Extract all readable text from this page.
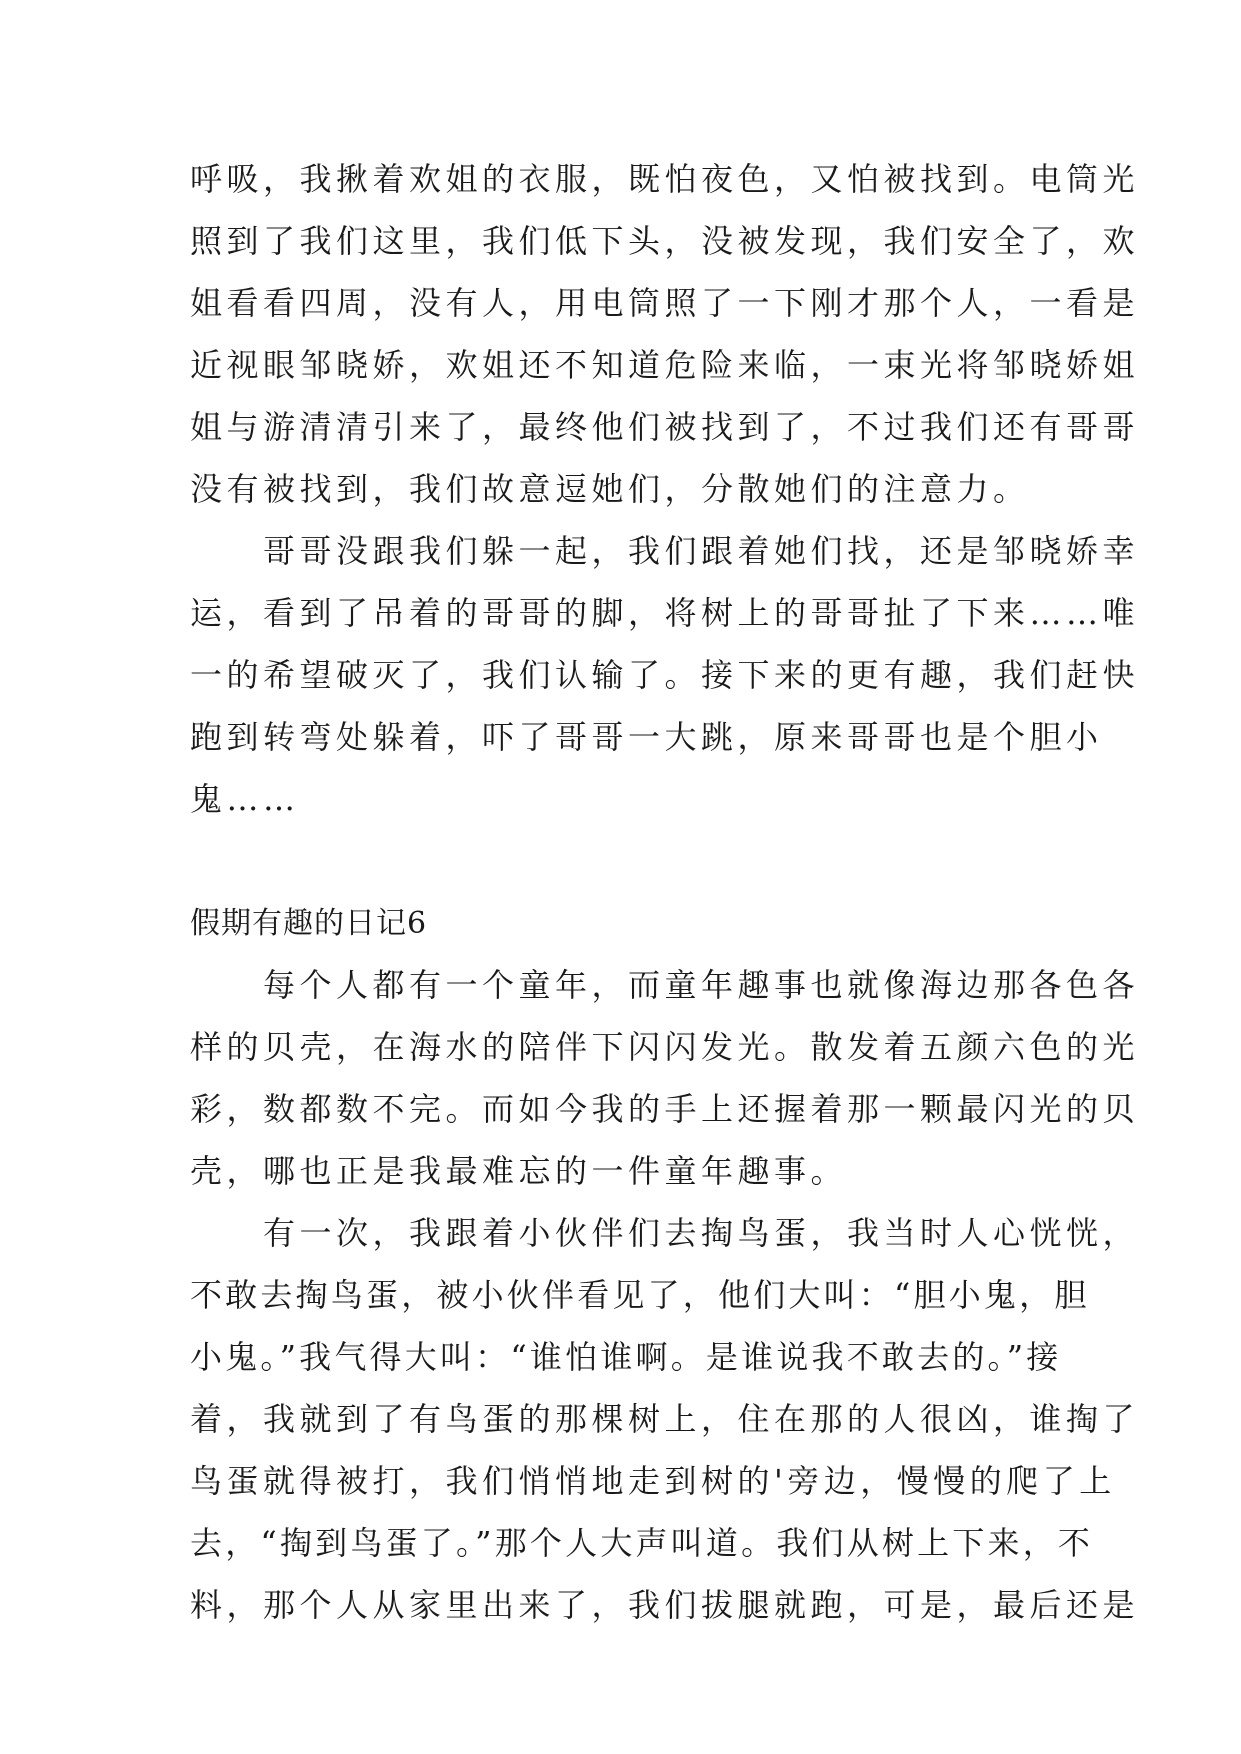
呼吸，我揪着欢姐的衣服，既怕夜色，又怕被找到。电筒光
照到了我们这里，我们低下头，没被发现，我们安全了，欢
姐看看四周，没有人，用电筒照了一下刚才那个人，一看是
近视眼邹晓娇，欢姐还不知道危险来临，一束光将邹晓娇姐
姐与游清清引来了，最终他们被找到了，不过我们还有哥哥
没有被找到，我们故意逗她们，分散她们的注意力。
　　哥哥没跟我们躲一起，我们跟着她们找，还是邹晓娇幸
运，看到了吊着的哥哥的脚，将树上的哥哥扯了下来……唯
一的希望破灭了，我们认输了。接下来的更有趣，我们赶快
跑到转弯处躲着，吓了哥哥一大跳，原来哥哥也是个胆小
鬼……
假期有趣的日记6
　　每个人都有一个童年，而童年趣事也就像海边那各色各
样的贝壳，在海水的陪伴下闪闪发光。散发着五颜六色的光
彩，数都数不完。而如今我的手上还握着那一颗最闪光的贝
壳，哪也正是我最难忘的一件童年趣事。
　　有一次，我跟着小伙伴们去掏鸟蛋，我当时人心恍恍，
不敢去掏鸟蛋，被小伙伴看见了，他们大叫：“胆小鬼，胆
小鬼。”我气得大叫：“谁怕谁啊。是谁说我不敢去的。”接
着，我就到了有鸟蛋的那棵树上，住在那的人很凶，谁掏了
鸟蛋就得被打，我们悄悄地走到树的'旁边，慢慢的爬了上
去，“掏到鸟蛋了。”那个人大声叫道。我们从树上下来，不
料，那个人从家里出来了，我们拔腿就跑，可是，最后还是
